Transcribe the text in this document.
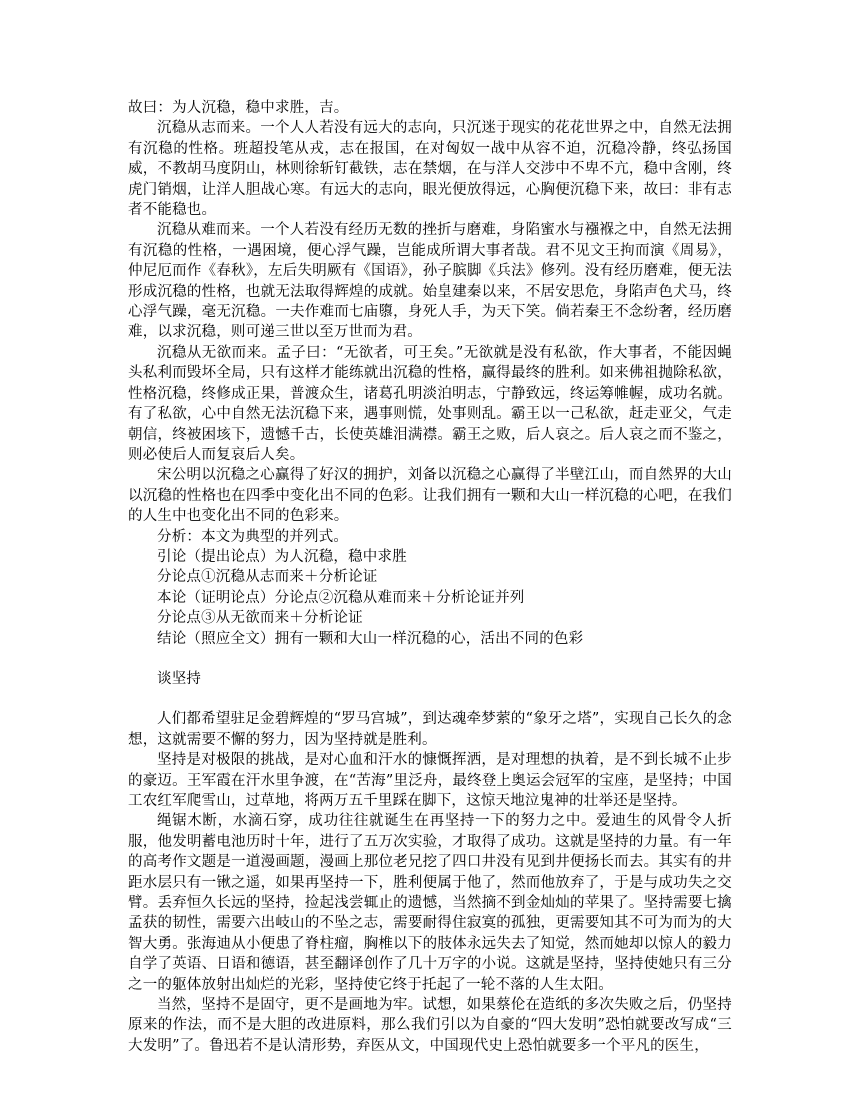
故曰：为人沉稳，稳中求胜，吉。

沉稳从志而来。一个人人若没有远大的志向，只沉迷于现实的花花世界之中，自然无法拥有沉稳的性格。班超投笔从戎，志在报国，在对匈奴一战中从容不迫，沉稳冷静，终弘扬国威，不教胡马度阴山，林则徐斩钉截铁，志在禁烟，在与洋人交涉中不卑不亢，稳中含刚，终虎门销烟，让洋人胆战心寒。有远大的志向，眼光便放得远，心胸便沉稳下来，故曰：非有志者不能稳也。

沉稳从难而来。一个人若没有经历无数的挫折与磨难，身陷蜜水与襁褓之中，自然无法拥有沉稳的性格，一遇困境，便心浮气躁，岂能成所谓大事者哉。君不见文王拘而演《周易》，仲尼厄而作《春秋》，左后失明厥有《国语》，孙子膑脚《兵法》修列。没有经历磨难，便无法形成沉稳的性格，也就无法取得辉煌的成就。始皇建秦以来，不居安思危，身陷声色犬马，终心浮气躁，毫无沉稳。一夫作难而七庙隳，身死人手，为天下笑。倘若秦王不念纷奢，经历磨难，以求沉稳，则可递三世以至万世而为君。

沉稳从无欲而来。孟子曰：“无欲者，可王矣。”无欲就是没有私欲，作大事者，不能因蝇头私利而毁坏全局，只有这样才能练就出沉稳的性格，赢得最终的胜利。如来佛祖抛除私欲，性格沉稳，终修成正果，普渡众生，诸葛孔明淡泊明志，宁静致远，终运筹帷幄，成功名就。有了私欲，心中自然无法沉稳下来，遇事则慌，处事则乱。霸王以一己私欲，赶走亚父，气走朝信，终被困垓下，遗憾千古，长使英雄泪满襟。霸王之败，后人哀之。后人哀之而不鉴之，则必使后人而复哀后人矣。

宋公明以沉稳之心赢得了好汉的拥护，刘备以沉稳之心赢得了半壁江山，而自然界的大山以沉稳的性格也在四季中变化出不同的色彩。让我们拥有一颗和大山一样沉稳的心吧，在我们的人生中也变化出不同的色彩来。

分析：本文为典型的并列式。

引论（提出论点）为人沉稳，稳中求胜

分论点①沉稳从志而来＋分析论证

本论（证明论点）分论点②沉稳从难而来＋分析论证并列

分论点③从无欲而来＋分析论证

结论（照应全文）拥有一颗和大山一样沉稳的心，活出不同的色彩

谈坚持

人们都希望驻足金碧辉煌的“罗马宫城”，到达魂牵梦萦的“象牙之塔”，实现自己长久的念想，这就需要不懈的努力，因为坚持就是胜利。

坚持是对极限的挑战，是对心血和汗水的慷慨挥洒，是对理想的执着，是不到长城不止步的豪迈。王军霞在汗水里争渡，在“苦海”里泛舟，最终登上奥运会冠军的宝座，是坚持；中国工农红军爬雪山，过草地，将两万五千里踩在脚下，这惊天地泣鬼神的壮举还是坚持。

绳锯木断，水滴石穿，成功往往就诞生在再坚持一下的努力之中。爱迪生的风骨令人折服，他发明蓄电池历时十年，进行了五万次实验，才取得了成功。这就是坚持的力量。有一年的高考作文题是一道漫画题，漫画上那位老兄挖了四口井没有见到井便扬长而去。其实有的井距水层只有一锹之遥，如果再坚持一下，胜利便属于他了，然而他放弃了，于是与成功失之交臂。丢弃恒久长远的坚持，捡起浅尝辄止的遗憾，当然摘不到金灿灿的苹果了。坚持需要七擒孟获的韧性，需要六出岐山的不坠之志，需要耐得住寂寞的孤独，更需要知其不可为而为的大智大勇。张海迪从小便患了脊柱瘤，胸椎以下的肢体永远失去了知觉，然而她却以惊人的毅力自学了英语、日语和德语，甚至翻译创作了几十万字的小说。这就是坚持，坚持使她只有三分之一的躯体放射出灿烂的光彩，坚持使它终于托起了一轮不落的人生太阳。

当然，坚持不是固守，更不是画地为牢。试想，如果蔡伦在造纸的多次失败之后，仍坚持原来的作法，而不是大胆的改进原料，那么我们引以为自豪的“四大发明”恐怕就要改写成“三大发明”了。鲁迅若不是认清形势，弃医从文，中国现代史上恐怕就要多一个平凡的医生，
